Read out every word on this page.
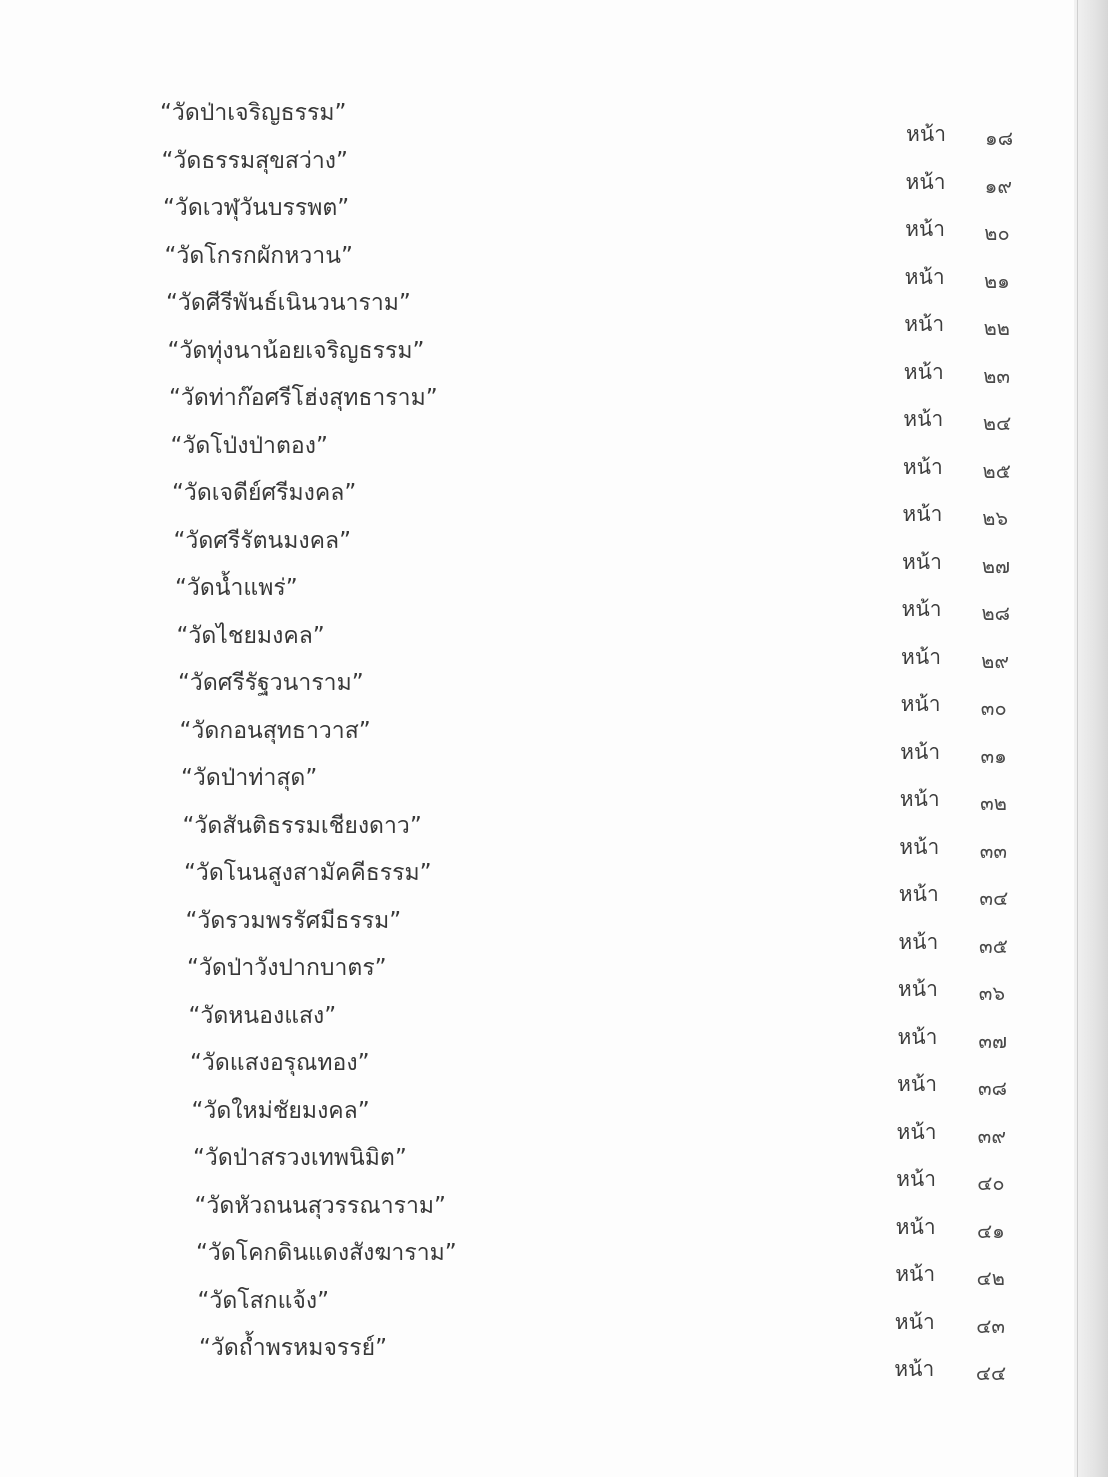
“วัดป่าเจริญธรรม”
หน้า ๑๘
“วัดธรรมสุขสว่าง”
หน้า ๑๙
“วัดเวฬุวันบรรพต”
หน้า ๒๐
“วัดโกรกผักหวาน”
หน้า ๒๑
“วัดศีรีพันธ์เนินวนาราม”
หน้า ๒๒
“วัดทุ่งนาน้อยเจริญธรรม”
หน้า ๒๓
“วัดท่าก๊อศรีโฮ่งสุทธาราม”
หน้า ๒๔
“วัดโป่งป่าตอง”
หน้า ๒๕
“วัดเจดีย์ศรีมงคล”
หน้า ๒๖
“วัดศรีรัตนมงคล”
หน้า ๒๗
“วัดน้ำแพร่”
หน้า ๒๘
“วัดไชยมงคล”
หน้า ๒๙
“วัดศรีรัฐวนาราม”
หน้า ๓๐
“วัดกอนสุทธาวาส”
หน้า ๓๑
“วัดป่าท่าสุด”
หน้า ๓๒
“วัดสันติธรรมเชียงดาว”
หน้า ๓๓
“วัดโนนสูงสามัคคีธรรม”
หน้า ๓๔
“วัดรวมพรรัศมีธรรม”
หน้า ๓๕
“วัดป่าวังปากบาตร”
หน้า ๓๖
“วัดหนองแสง”
หน้า ๓๗
“วัดแสงอรุณทอง”
หน้า ๓๘
“วัดใหม่ชัยมงคล”
หน้า ๓๙
“วัดป่าสรวงเทพนิมิต”
หน้า ๔๐
“วัดหัวถนนสุวรรณาราม”
หน้า ๔๑
“วัดโคกดินแดงสังฆาราม”
หน้า ๔๒
“วัดโสกแจ้ง”
หน้า ๔๓
“วัดถ้ำพรหมจรรย์”
หน้า ๔๔
